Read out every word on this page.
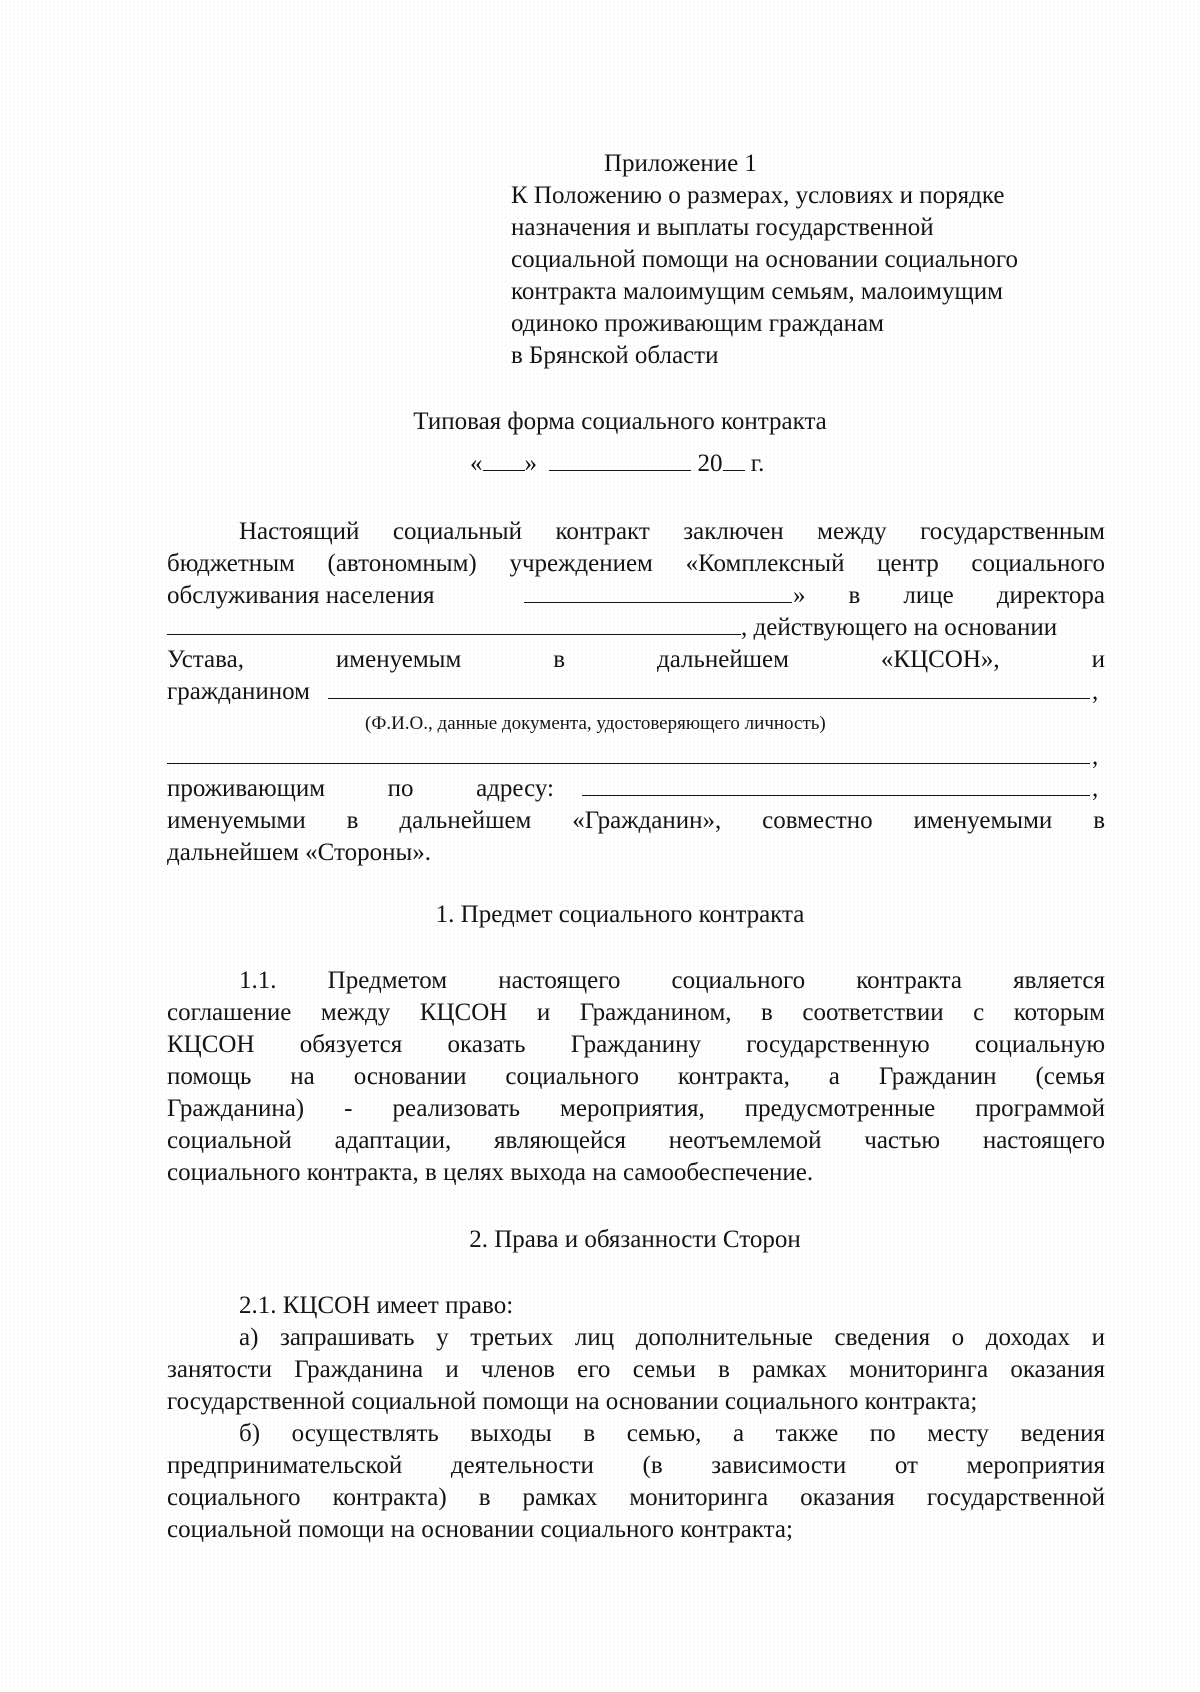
Приложение 1

К Положению о размерах, условиях и порядке

назначения и выплаты государственной

социальной помощи на основании социального

контракта малоимущим семьям, малоимущим

одиноко проживающим гражданам

в Брянской области

Типовая форма социального контракта

« »	20 г.

Настоящий социальный контракт заключен между государственным

бюджетным (автономным) учреждением «Комплексный центр социального

обслуживания населения	» в лице директора

, действующего на основании

Устава, именуемым в дальнейшем «КЦСОН», и

гражданином	,

(Ф.И.О., данные документа, удостоверяющего личность)

,

проживающим по адресу:	,

именуемыми в дальнейшем «Гражданин», совместно именуемыми в

дальнейшем «Стороны».

1. Предмет социального контракта

1.1. Предметом настоящего социального контракта является

соглашение между КЦСОН и Гражданином, в соответствии с которым

КЦСОН обязуется оказать Гражданину государственную социальную

помощь на основании социального контракта, а Гражданин (семья

Гражданина) - реализовать мероприятия, предусмотренные программой

социальной адаптации, являющейся неотъемлемой частью настоящего

социального контракта, в целях выхода на самообеспечение.

2. Права и обязанности Сторон

2.1. КЦСОН имеет право:

а) запрашивать у третьих лиц дополнительные сведения о доходах и

занятости Гражданина и членов его семьи в рамках мониторинга оказания

государственной социальной помощи на основании социального контракта;

б) осуществлять выходы в семью, а также по месту ведения

предпринимательской деятельности (в зависимости от мероприятия

социального контракта) в рамках мониторинга оказания государственной

социальной помощи на основании социального контракта;
